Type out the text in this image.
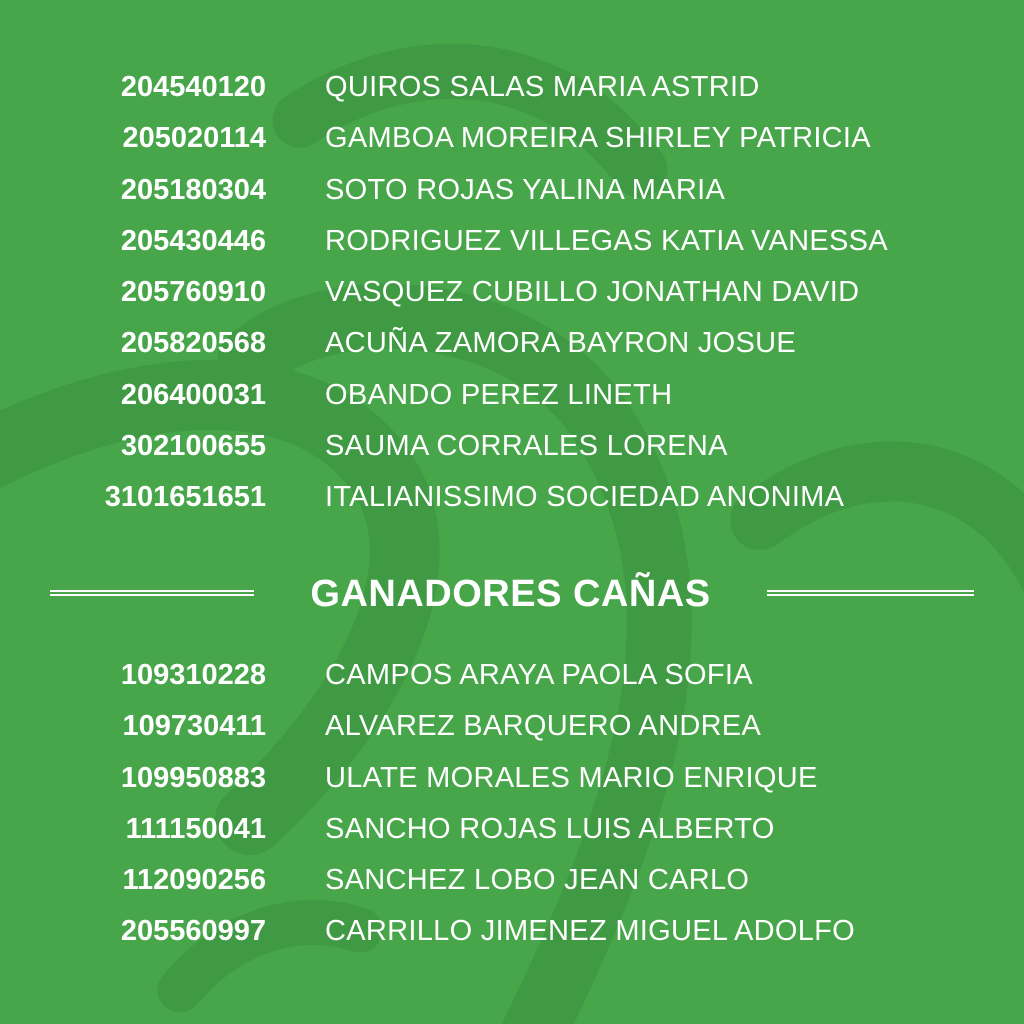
204540120 QUIROS SALAS MARIA ASTRID
205020114 GAMBOA MOREIRA SHIRLEY PATRICIA
205180304 SOTO ROJAS YALINA MARIA
205430446 RODRIGUEZ VILLEGAS KATIA VANESSA
205760910 VASQUEZ CUBILLO JONATHAN DAVID
205820568 ACUÑA ZAMORA BAYRON JOSUE
206400031 OBANDO PEREZ LINETH
302100655 SAUMA CORRALES LORENA
3101651651 ITALIANISSIMO SOCIEDAD ANONIMA
GANADORES CAÑAS
109310228 CAMPOS ARAYA PAOLA SOFIA
109730411 ALVAREZ BARQUERO ANDREA
109950883 ULATE MORALES MARIO ENRIQUE
111150041 SANCHO ROJAS LUIS ALBERTO
112090256 SANCHEZ LOBO JEAN CARLO
205560997 CARRILLO JIMENEZ MIGUEL ADOLFO
